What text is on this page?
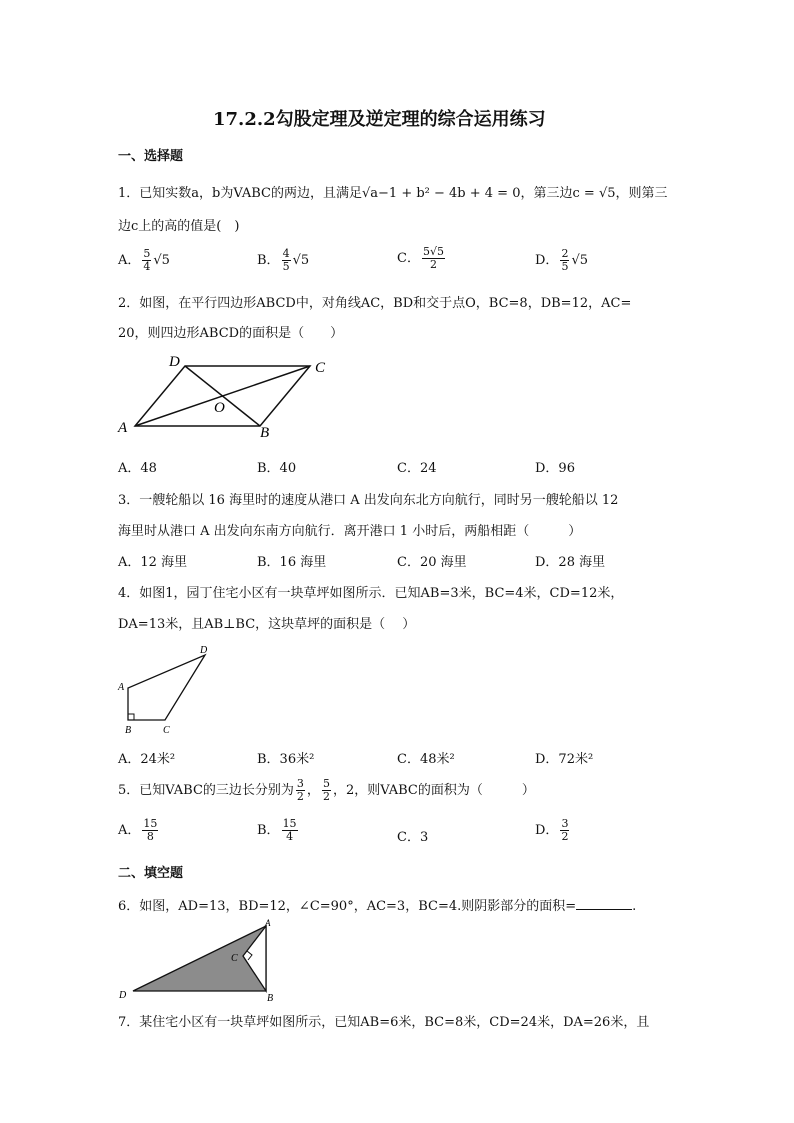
17.2.2勾股定理及逆定理的综合运用练习
一、选择题
1．已知实数a，b为VABC的两边，且满足√a−1 + b² − 4b + 4 = 0，第三边c = √5，则第三
边c上的高的值是(　)
A． $\frac{5}{4} √5$	B． $\frac{4}{5} √5$	C． $\frac{5√5}{2}$	D． $\frac{2}{5} √5$
2．如图，在平行四边形ABCD中，对角线AC，BD和交于点O，BC=8，DB=12，AC=
20，则四边形ABCD的面积是（　　）
A	B
C
D
O
A．48	B．40	C．24	D．96
3．一艘轮船以 16 海里时的速度从港口 A 出发向东北方向航行，同时另一艘轮船以 12
海里时从港口 A 出发向东南方向航行．离开港口 1 小时后，两船相距（　　　）
A．12 海里	B．16 海里	C．20 海里	D．28 海里
4．如图1，园丁住宅小区有一块草坪如图所示．已知AB=3米，BC=4米，CD=12米，
DA=13米，且AB⊥BC，这块草坪的面积是（　 ）
A
B	C
D
A．24米²	B．36米²	C．48米²	D．72米²
5．已知VABC的三边长分别为 $\frac{3}{2}$ ， $\frac{5}{2}$ ，2，则VABC的面积为（　　　）
A． $\frac{15}{8}$	B． $\frac{15}{4}$	C．3	D． $\frac{3}{2}$
二、填空题
6．如图，AD=13，BD=12，∠C=90°，AC=3，BC=4.则阴影部分的面积=	.
A
B
C
D
7．某住宅小区有一块草坪如图所示，已知AB=6米，BC=8米，CD=24米，DA=26米，且
